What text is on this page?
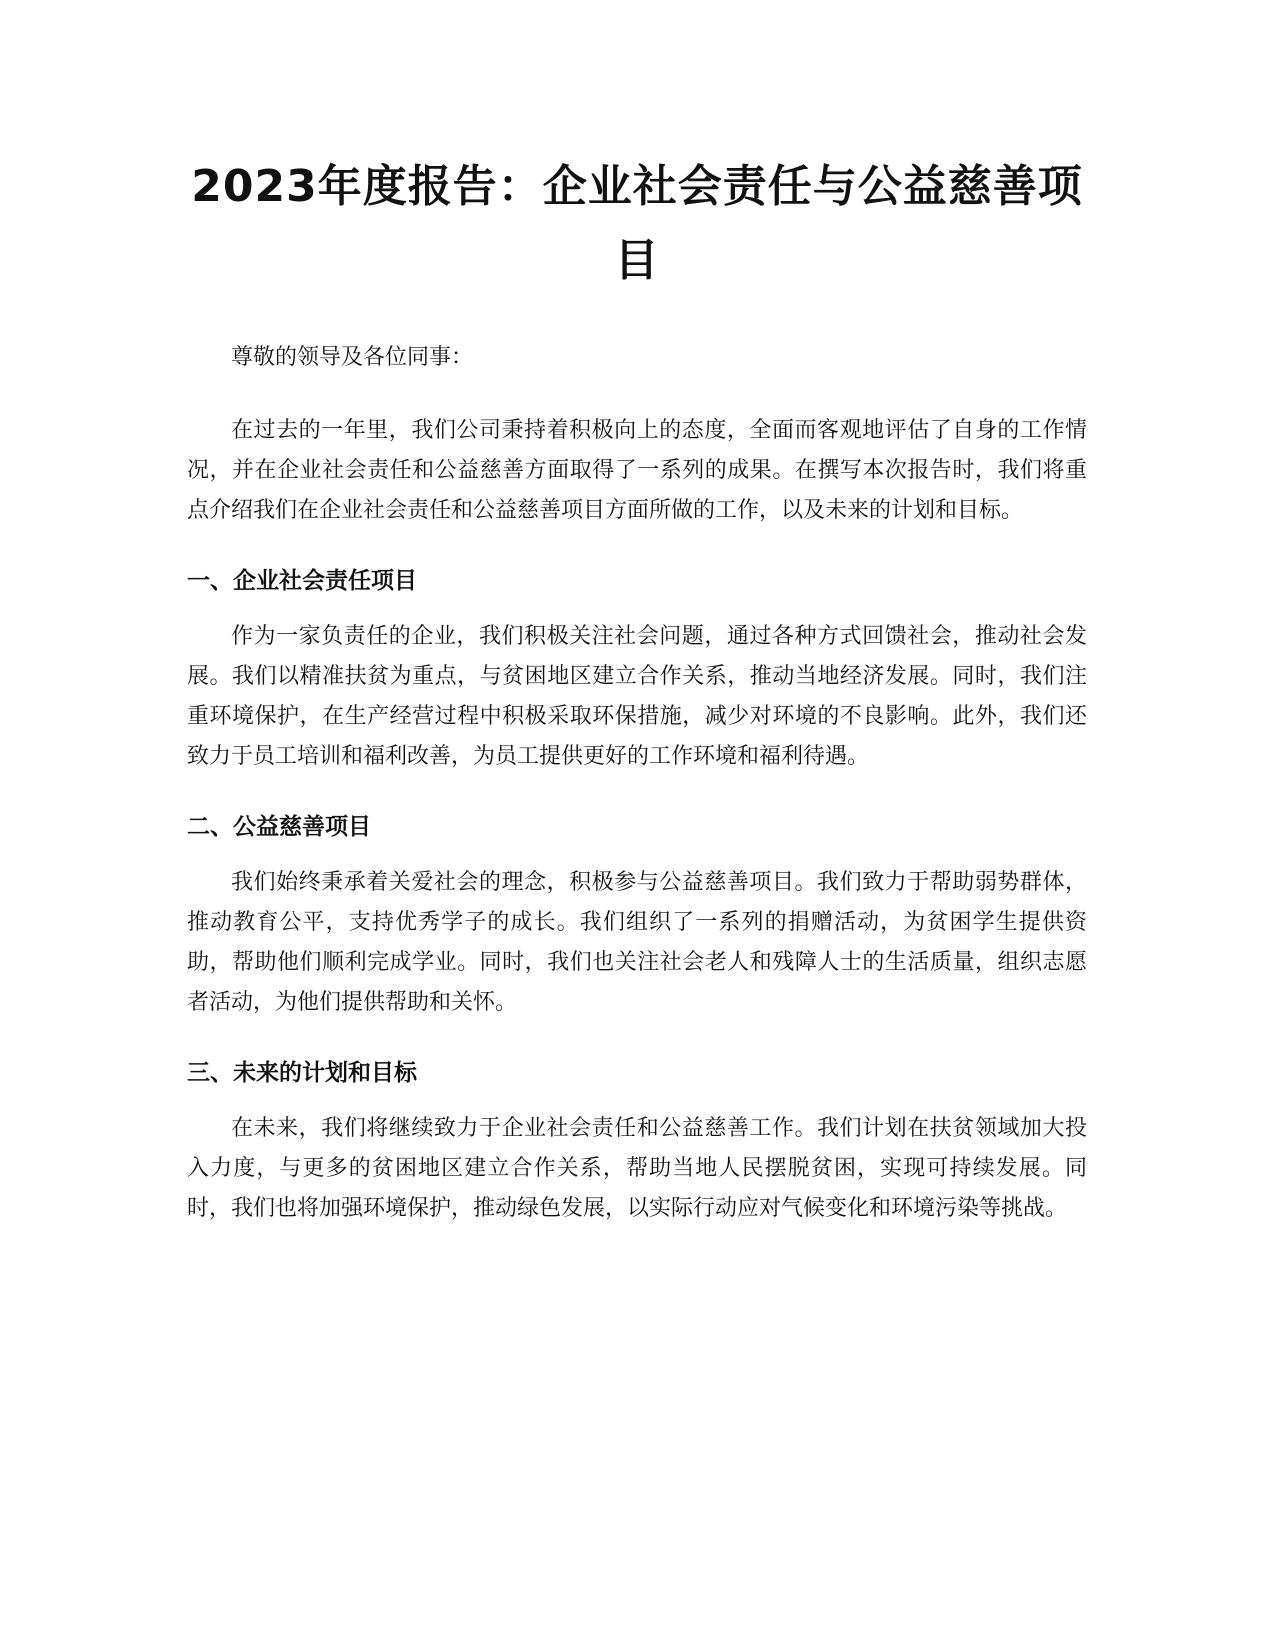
2023年度报告：企业社会责任与公益慈善项目

尊敬的领导及各位同事：

在过去的一年里，我们公司秉持着积极向上的态度，全面而客观地评估了自身的工作情况，并在企业社会责任和公益慈善方面取得了一系列的成果。在撰写本次报告时，我们将重点介绍我们在企业社会责任和公益慈善项目方面所做的工作，以及未来的计划和目标。

一、企业社会责任项目

作为一家负责任的企业，我们积极关注社会问题，通过各种方式回馈社会，推动社会发展。我们以精准扶贫为重点，与贫困地区建立合作关系，推动当地经济发展。同时，我们注重环境保护，在生产经营过程中积极采取环保措施，减少对环境的不良影响。此外，我们还致力于员工培训和福利改善，为员工提供更好的工作环境和福利待遇。

二、公益慈善项目

我们始终秉承着关爱社会的理念，积极参与公益慈善项目。我们致力于帮助弱势群体，推动教育公平，支持优秀学子的成长。我们组织了一系列的捐赠活动，为贫困学生提供资助，帮助他们顺利完成学业。同时，我们也关注社会老人和残障人士的生活质量，组织志愿者活动，为他们提供帮助和关怀。

三、未来的计划和目标

在未来，我们将继续致力于企业社会责任和公益慈善工作。我们计划在扶贫领域加大投入力度，与更多的贫困地区建立合作关系，帮助当地人民摆脱贫困，实现可持续发展。同时，我们也将加强环境保护，推动绿色发展，以实际行动应对气候变化和环境污染等挑战。
